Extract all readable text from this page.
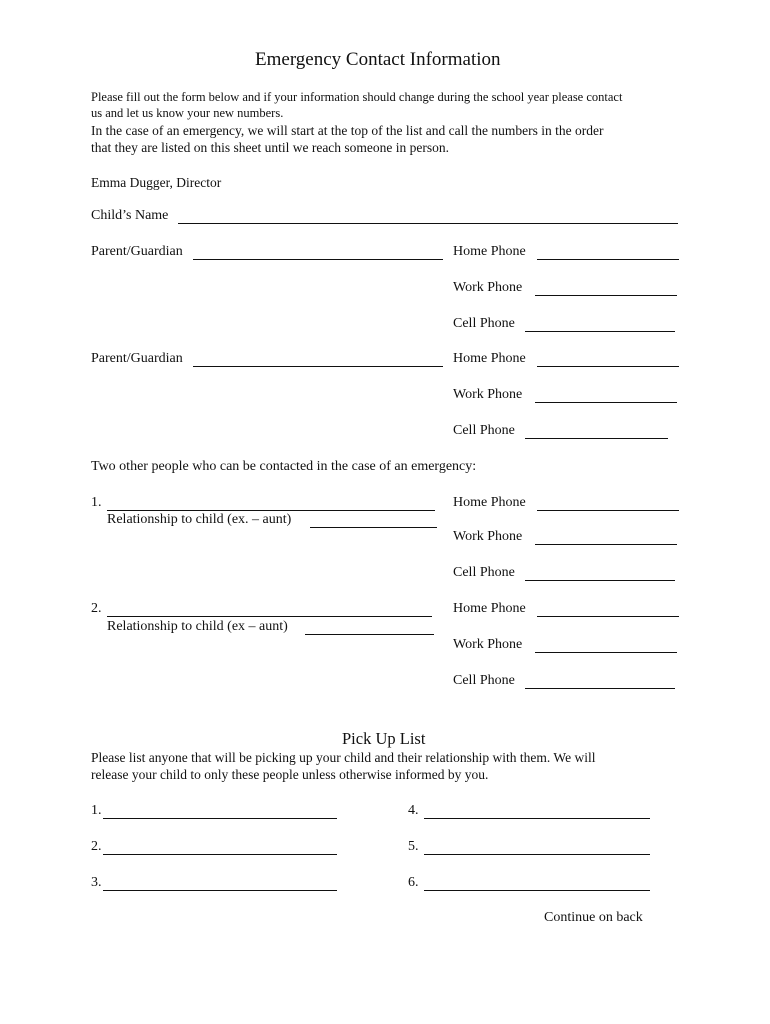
Emergency Contact Information
Please fill out the form below and if your information should change during the school year please contact
us and let us know your new numbers.
In the case of an emergency, we will start at the top of the list and call the numbers in the order
that they are listed on this sheet until we reach someone in person.
Emma Dugger, Director
Child’s Name
Parent/Guardian	Home Phone
Work Phone
Cell Phone
Parent/Guardian	Home Phone
Work Phone
Cell Phone
Two other people who can be contacted in the case of an emergency:
1.
Relationship to child (ex. – aunt)
Home Phone
Work Phone
Cell Phone
2.
Relationship to child (ex – aunt)
Home Phone
Work Phone
Cell Phone
Pick Up List
Please list anyone that will be picking up your child and their relationship with them. We will
release your child to only these people unless otherwise informed by you.
1.
2.
3.
4.
5.
6.
Continue on back
